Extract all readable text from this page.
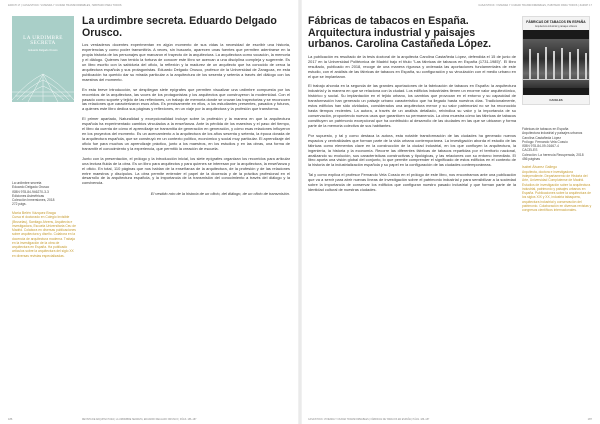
ZARCH 17 | CASA/STOCK: VIVIENDA Y CIUDAD TRANSFORMABLES, HABITADO PARA TODOS
LA URDIMBRE SECRETA
Eduardo Delgado Orusco
La urdimbre secreta
Eduardo Delgado Orusco
ISBN 978-84-946270-3-3
Ediciones Asimétricas
Colección Inmersiones, 2018
272 págs.
María Belén Vázquez Braga
Cursa el doctorado en Colegio Invisible (Bruselas), Santiago Ahrens, Arquitecta e investigadora, Escuela Universitaria Ceu de Madrid. Colabora en diversas publicaciones sobre arquitectura y diseño. Colabora en la docencia de arquitectura moderna. Trabaja en la investigación de la obra de arquitectura en España. Ha publicado artículos sobre la arquitectura del siglo XX en diversas revistas especializadas.
La urdimbre secreta. Eduardo Delgado Orusco.

Los verdaderos docentes experimentan en algún momento de sus vidas la necesidad de escribir una historia, experiencias y como poder transmitirla. A veces, sin buscarlo, aparecen unas fuentes que permiten adentrarse en la propia historia de los personajes que marcaron el trayecto de la arquitectura. La arquitectura como vocación, la memoria y el diálogo. Quienes han tenido la fortuna de conocer este libro se acercan a una disciplina compleja y sugerente. Es un libro escrito con la sabiduría del oficio, la reflexión y la madurez de un arquitecto que ha conocido de cerca la arquitectura española y sus protagonistas. Eduardo Delgado Orusco, profesor de la Universidad de Zaragoza, en esta publicación ha querido dar su mirada particular a la arquitectura de los sesenta y setenta a través del diálogo con los maestros del momento.

En esta breve introducción, se despliegan siete epígrafes que permiten visualizar una urdimbre compuesta por los recorridos de la arquitectura, las voces de los protagonistas y los arquitectos que construyeron la modernidad. Con el pasado como soporte y tejido de las reflexiones, un trabajo de memoria donde se cruzan las trayectorias y se reconocen las relaciones que caracterizaron esos años. Es precisamente en ellos, a los estudiantes presentes, pasados y futuros, a quienes este libro dedica sus páginas y reflexiones, en un viaje por la arquitectura y la profesión que transforma.

El primer apartado, Naturalidad y excepcionalidad incluye sobre la profesión y la manera en que la arquitectura española ha experimentado cambios vinculados a la enseñanza. Ante la pérdida de los maestros y el paso del tiempo, el libro da cuenta de cómo el aprendizaje se transmitía de generación en generación, y cómo esas relaciones influyeron en los proyectos del momento. Es un acercamiento a la arquitectura de los años sesenta y setenta, la época dorada de la arquitectura española, que se construyó en un contexto político, económico y social muy particular. El aprendizaje del oficio fue para muchos un aprendizaje práctico, junto a los maestros, en los estudios y en las obras, una forma de transmitir el conocimiento y la experiencia, que permitió la creación de escuela.

Junto con la presentación, el prólogo y la introducción inicial, los siete epígrafes organizan los recorridos para articular una lectura fluida de la obra. Es un libro para arquitectos y para quienes se interesan por la arquitectura, la enseñanza y el oficio. En total, 110 páginas que nos hablan de la enseñanza de la arquitectura, de la profesión y de las relaciones entre maestros y discípulos. La obra permite entender el papel de la docencia y de la práctica profesional en el desarrollo de la arquitectura española, y la importancia de la transmisión del conocimiento a través del diálogo y la convivencia.

El vestido roto de la historia de un oficio, del diálogo, de un oficio de transmisión.
186	REVISTA DE ARQUITECTURA | LA URDIMBRE SECRETA, EDUARDO DELGADO ORUSCO | PÁGS. 186–187
CASA/STOCK: VIVIENDA Y CIUDAD TRANSFORMABLES, HABITADO PARA TODOS | ZARCH 17
Fábricas de tabacos en España. Arquitectura industrial y paisajes urbanos. Carolina Castañeda López.

La publicación es resultado de la tesis doctoral de la arquitecta Carolina Castañeda López, defendida el 15 de junio de 2017 en la Universidad Politécnica de Madrid bajo el título "Las fábricas de tabacos en España (1731-1985)". El libro resultado, publicado en 2018, recoge de una manera rigurosa y ordenada las aportaciones fundamentales de este estudio, con el análisis de las fábricas de tabacos en España, su configuración y su vinculación con el medio urbano en el que se implantaron.

El trabajo ahonda en la segunda de las grandes aportaciones de la fabricación de tabacos en España: la arquitectura industrial y la manera en que se relaciona con la ciudad. Los edificios industriales tienen un enorme valor arquitectónico, histórico y social. Su implantación en el tejido urbano, los cambios que provocan en el entorno y su capacidad de transformación han generado un paisaje urbano característico que ha llegado hasta nuestros días. Tradicionalmente, estos edificios han sido olvidados, considerados una arquitectura menor y su valor patrimonial no se ha reconocido hasta tiempos recientes. La autora, a través de un análisis detallado, reivindica su valor y la importancia de su conservación, proponiendo nuevos usos que garanticen su permanencia. La obra muestra cómo las fábricas de tabacos constituyen un patrimonio excepcional que ha contribuido al desarrollo de las ciudades en las que se ubicaron y forma parte de la memoria colectiva de sus habitantes.

Por supuesto, y tal y como destaca la autora, esta notable transformación de las ciudades ha generado nuevos espacios y centralidades que forman parte de la vida urbana contemporánea. La investigación aborda el estudio de las fábricas como elementos clave en la construcción de la ciudad industrial, en los que confluyen la arquitectura, la ingeniería, la historia y la economía. Recorre las diferentes fábricas de tabacos repartidas por el territorio nacional, analizando su evolución, sus características constructivas y tipológicas, y las relaciones con su entorno inmediato. El libro aporta una visión global del conjunto, lo que permite comprender el significado de estos edificios en el contexto de la historia de la industrialización española y su papel en la configuración de las ciudades contemporáneas.

Tal y como explica el profesor Fernando Vela Cossío en el prólogo de este libro, nos encontramos ante una publicación que va a servir para abrir nuevas líneas de investigación sobre el patrimonio industrial y para sensibilizar a la sociedad sobre la importancia de conservar los edificios que configuran nuestro pasado industrial y que forman parte de la identidad cultural de nuestras ciudades.

FÁBRICAS DE TABACOS EN ESPAÑA
Arquitectura industrial y paisajes urbanos
CACELES
Fábricas de tabacos en España
Arquitectura industrial y paisajes urbanos
Carolina Castañeda López
Prólogo: Fernando Vela Cossío
ISBN 978-84-09-01667-4
CACELES
Colección: La herencia Recuperada, 2018
456 páginas
Isabel Álvarez Gallego
Arquitecta, doctora e investigadora independiente. Departamento de Historia del Arte, Universidad Complutense de Madrid. Estudios de investigación sobre la arquitectura industrial, patrimonio y paisajes urbanos en España. Publicaciones sobre la arquitectura de los siglos XIX y XX, industria tabaquera, arquitectura industrial y conservación del patrimonio. Colaboración en diversas revistas y congresos científicos internacionales.
CASA/STOCK: VIVIENDA Y CIUDAD TRANSFORMABLES | FÁBRICAS DE TABACOS EN ESPAÑA | PÁGS. 186–187	187
